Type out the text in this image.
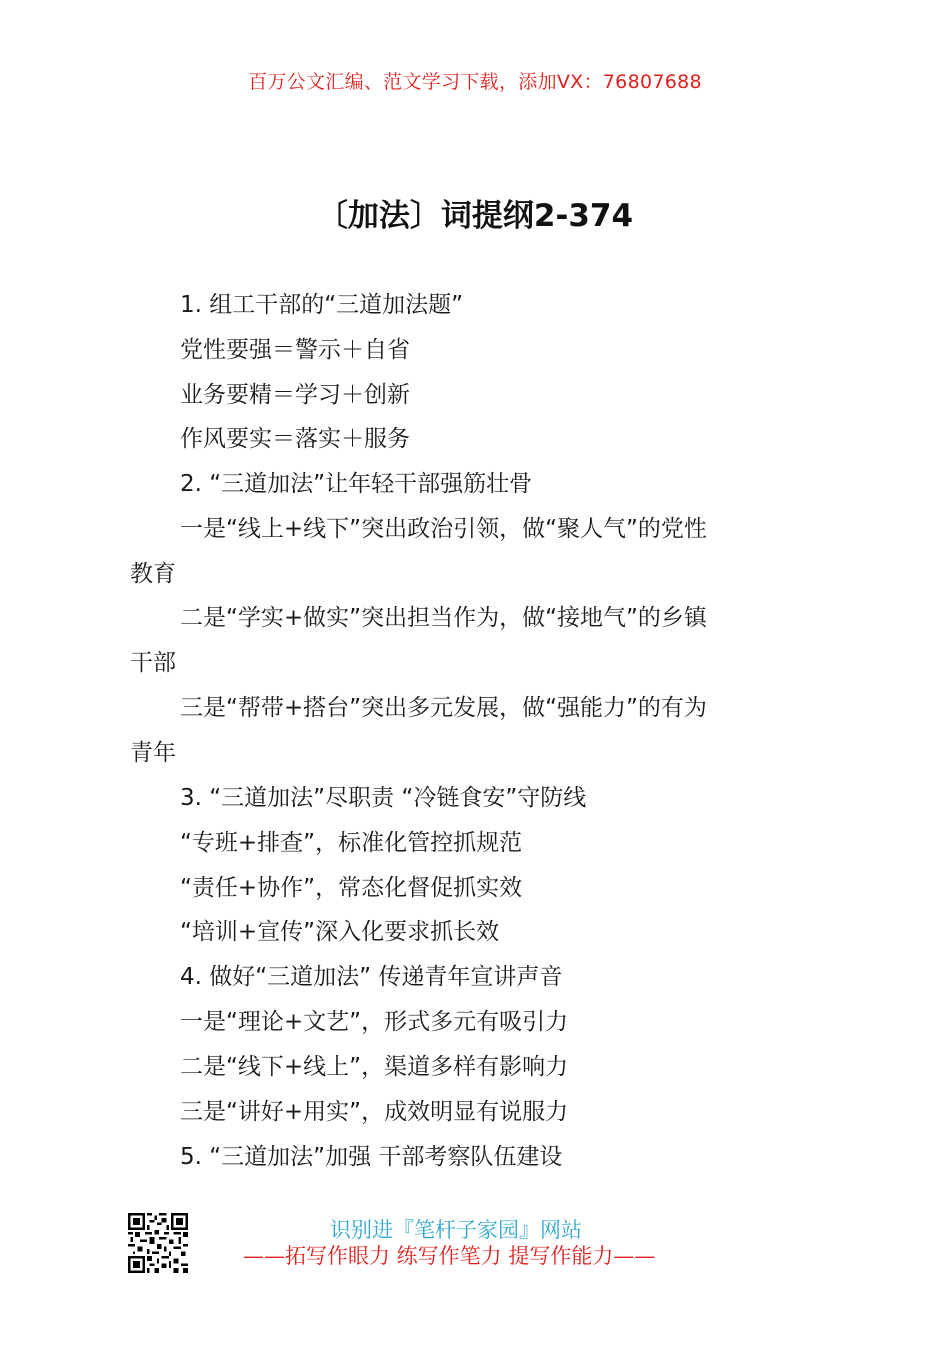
百万公文汇编、范文学习下载，添加VX：76807688
〔加法〕词提纲2-374
1. 组工干部的“三道加法题”
党性要强＝警示＋自省
业务要精＝学习＋创新
作风要实＝落实＋服务
2. “三道加法”让年轻干部强筋壮骨
一是“线上+线下”突出政治引领，做“聚人气”的党性
教育
二是“学实+做实”突出担当作为，做“接地气”的乡镇
干部
三是“帮带+搭台”突出多元发展，做“强能力”的有为
青年
3. “三道加法”尽职责 “冷链食安”守防线
“专班+排查”，标准化管控抓规范
“责任+协作”，常态化督促抓实效
“培训+宣传”深入化要求抓长效
4. 做好“三道加法” 传递青年宣讲声音
一是“理论+文艺”，形式多元有吸引力
二是“线下+线上”，渠道多样有影响力
三是“讲好+用实”，成效明显有说服力
5. “三道加法”加强 干部考察队伍建设
识别进『笔杆子家园』网站
——拓写作眼力 练写作笔力 提写作能力——
